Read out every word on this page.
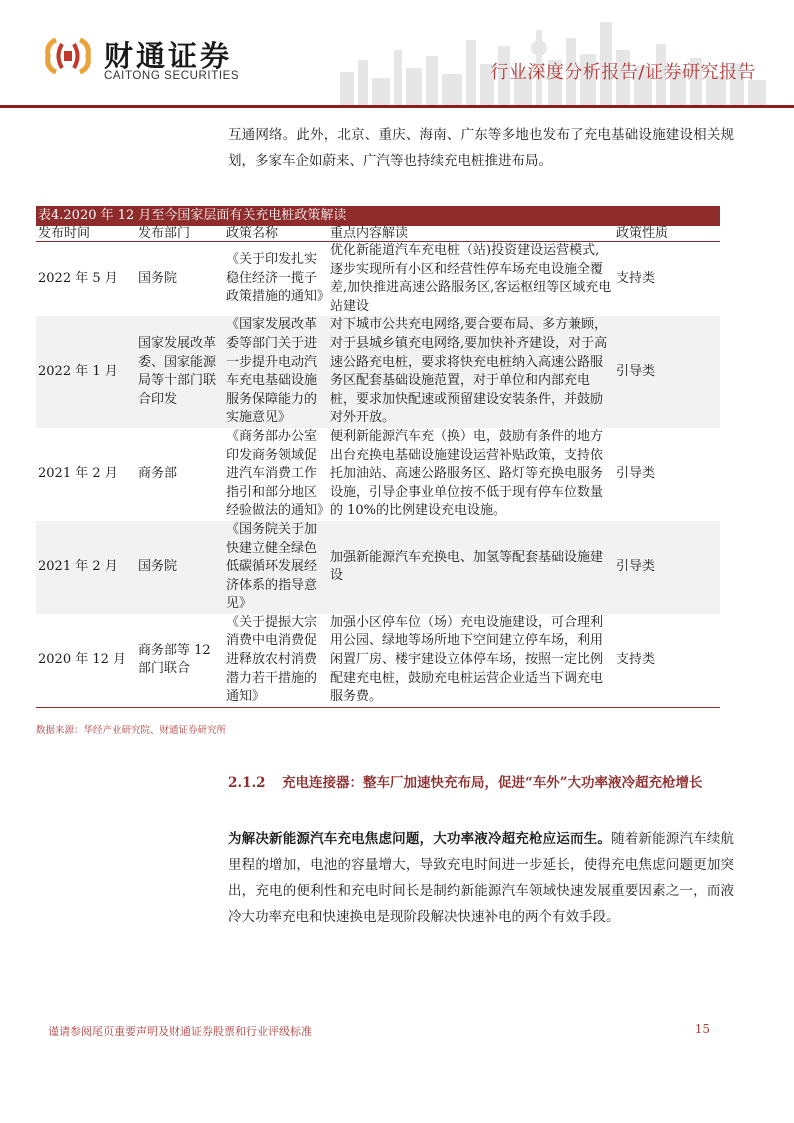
财通证券
CAITONG SECURITIES	行业深度分析报告/证券研究报告

互通网络。此外，北京、重庆、海南、广东等多地也发布了充电基础设施建设相关规划，多家车企如蔚来、广汽等也持续充电桩推进布局。

表4.2020 年 12 月至今国家层面有关充电桩政策解读
发布时间	发布部门	政策名称	重点内容解读	政策性质
2022 年 5 月	国务院	《关于印发扎实稳住经济一揽子政策措施的通知》	优化新能道汽车充电桩（站)投资建设运营模式,逐步实现所有小区和经营性停车场充电设施全覆差,加快推进高速公路服务区,客运枢纽等区域充电站建设	支持类
2022 年 1 月	国家发展改革委、国家能源局等十部门联合印发	《国家发展改革委等部门关于进一步提升电动汽车充电基础设施服务保障能力的实施意见》	对下城市公共充电网络,要合要布局、多方兼顾，对于县城乡镇充电网络,要加快补齐建设，对于高速公路充电桩，要求将快充电桩纳入高速公路服务区配套基础设施范置，对于单位和内部充电桩，要求加快配速或预留建设安装条件，并鼓励对外开放。	引导类
2021 年 2 月	商务部	《商务部办公室印发商务领域促进汽车消费工作指引和部分地区经验做法的通知》	便利新能源汽车充（换）电，鼓励有条件的地方出台充换电基础设施建设运营补贴政策，支持依托加油站、高速公路服务区、路灯等充换电服务设施，引导企事业单位按不低于现有停车位数量的 10%的比例建设充电设施。	引导类
2021 年 2 月	国务院	《国务院关于加快建立健全绿色低碳循环发展经济体系的指导意见》	加强新能源汽车充换电、加氢等配套基础设施建设	引导类
2020 年 12 月	商务部等 12 部门联合	《关于提振大宗消费中电消费促进释放农村消费潜力若干措施的通知》	加强小区停车位（场）充电设施建设，可合理利用公园、绿地等场所地下空间建立停车场，利用闲置厂房、楼宇建设立体停车场，按照一定比例配建充电桩，鼓励充电桩运营企业适当下调充电服务费。	支持类
数据来源：华经产业研究院、财通证券研究所
2.1.2 充电连接器：整车厂加速快充布局，促进“车外”大功率液冷超充枪增长

为解决新能源汽车充电焦虑问题，大功率液冷超充枪应运而生。随着新能源汽车续航里程的增加，电池的容量增大，导致充电时间进一步延长，使得充电焦虑问题更加突出，充电的便利性和充电时间长是制约新能源汽车领域快速发展重要因素之一，而液冷大功率充电和快速换电是现阶段解决快速补电的两个有效手段。

谨请参阅尾页重要声明及财通证券股票和行业评级标准	15
